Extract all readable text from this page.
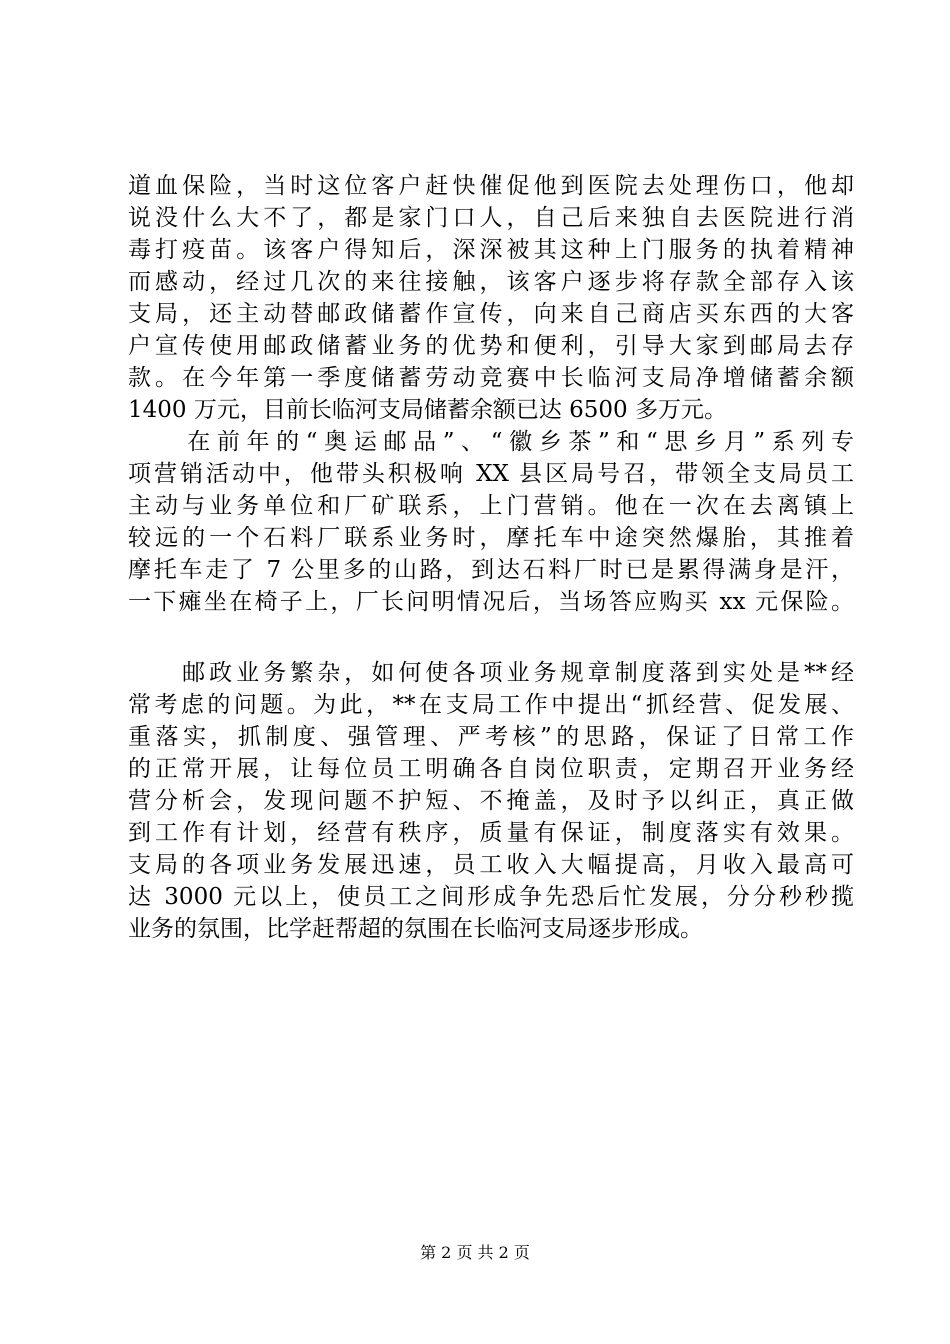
道血保险，当时这位客户赶快催促他到医院去处理伤口，他却
说没什么大不了，都是家门口人，自己后来独自去医院进行消
毒打疫苗。该客户得知后，深深被其这种上门服务的执着精神
而感动，经过几次的来往接触，该客户逐步将存款全部存入该
支局，还主动替邮政储蓄作宣传，向来自己商店买东西的大客
户宣传使用邮政储蓄业务的优势和便利，引导大家到邮局去存
款。在今年第一季度储蓄劳动竞赛中长临河支局净增储蓄余额
1400 万元，目前长临河支局储蓄余额已达 6500 多万元。
　　在前年的“奥运邮品”、“徽乡茶”和“思乡月”系列专
项营销活动中，他带头积极响 XX 县区局号召，带领全支局员工
主动与业务单位和厂矿联系，上门营销。他在一次在去离镇上
较远的一个石料厂联系业务时，摩托车中途突然爆胎，其推着
摩托车走了 7 公里多的山路，到达石料厂时已是累得满身是汗，
一下瘫坐在椅子上，厂长问明情况后，当场答应购买 xx 元保险。
　　邮政业务繁杂，如何使各项业务规章制度落到实处是**经
常考虑的问题。为此，**在支局工作中提出“抓经营、促发展、
重落实，抓制度、强管理、严考核”的思路，保证了日常工作
的正常开展，让每位员工明确各自岗位职责，定期召开业务经
营分析会，发现问题不护短、不掩盖，及时予以纠正，真正做
到工作有计划，经营有秩序，质量有保证，制度落实有效果。
支局的各项业务发展迅速，员工收入大幅提高，月收入最高可
达 3000 元以上，使员工之间形成争先恐后忙发展，分分秒秒揽
业务的氛围，比学赶帮超的氛围在长临河支局逐步形成。
第 2 页 共 2 页
